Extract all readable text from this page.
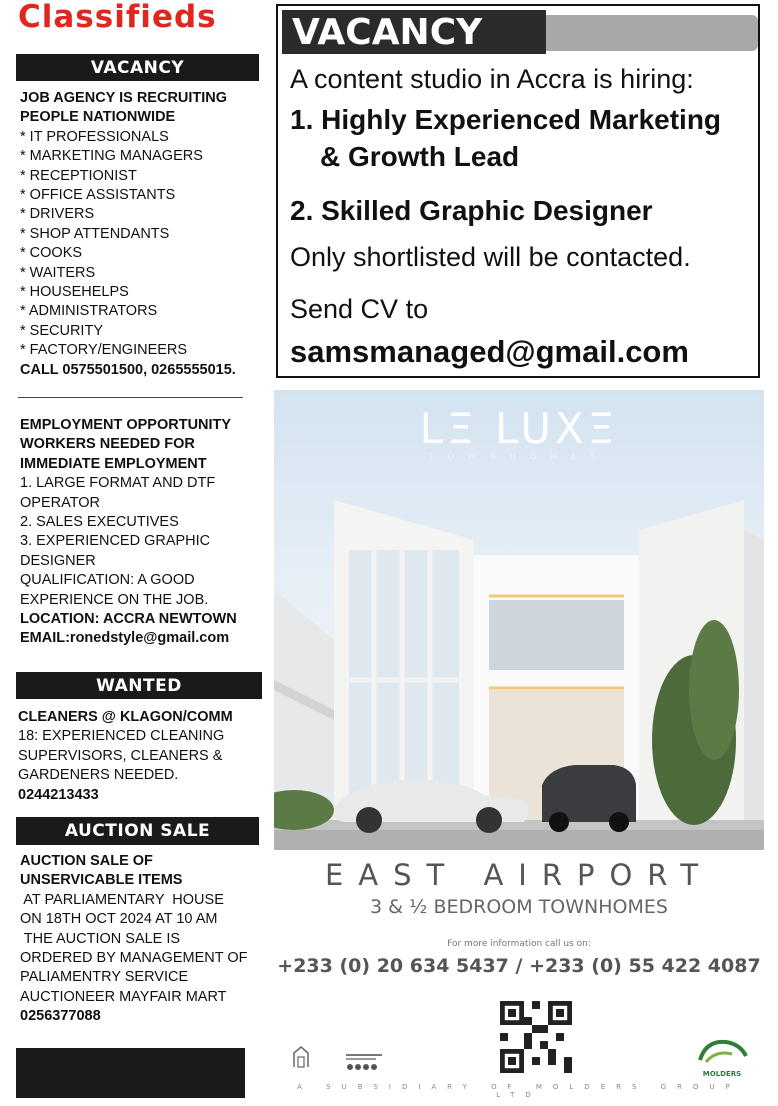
Classifieds
VACANCY
JOB AGENCY IS RECRUITING
PEOPLE NATIONWIDE
* IT PROFESSIONALS
* MARKETING MANAGERS
* RECEPTIONIST
* OFFICE ASSISTANTS
* DRIVERS
* SHOP ATTENDANTS
* COOKS
* WAITERS
* HOUSEHELPS
* ADMINISTRATORS
* SECURITY
* FACTORY/ENGINEERS
CALL 0575501500, 0265555015.
EMPLOYMENT OPPORTUNITY
WORKERS NEEDED FOR
IMMEDIATE EMPLOYMENT
1. LARGE FORMAT AND DTF
OPERATOR
2. SALES EXECUTIVES
3. EXPERIENCED GRAPHIC
DESIGNER
QUALIFICATION: A GOOD
EXPERIENCE ON THE JOB.
LOCATION: ACCRA NEWTOWN
EMAIL:ronedstyle@gmail.com
WANTED
CLEANERS @ KLAGON/COMM
18: EXPERIENCED CLEANING
SUPERVISORS, CLEANERS &
GARDENERS NEEDED.
0244213433
AUCTION SALE
AUCTION SALE OF
UNSERVICABLE ITEMS
AT PARLIAMENTARY  HOUSE
ON 18TH OCT 2024 AT 10 AM
THE AUCTION SALE IS
ORDERED BY MANAGEMENT OF
PALIAMENTRY SERVICE
AUCTIONEER MAYFAIR MART
0256377088
VACANCY
A content studio in Accra is hiring:
1. Highly Experienced Marketing
& Growth Lead
2. Skilled Graphic Designer
Only shortlisted will be contacted.
Send CV to
samsmanaged@gmail.com
LΞ LUXΞ
TOWNHOMES
EAST AIRPORT
3 & ½ BEDROOM TOWNHOMES
For more information call us on:
+233 (0) 20 634 5437 / +233 (0) 55 422 4087
MOLDERS
A SUBSIDIARY OF MOLDERS GROUP LTD
